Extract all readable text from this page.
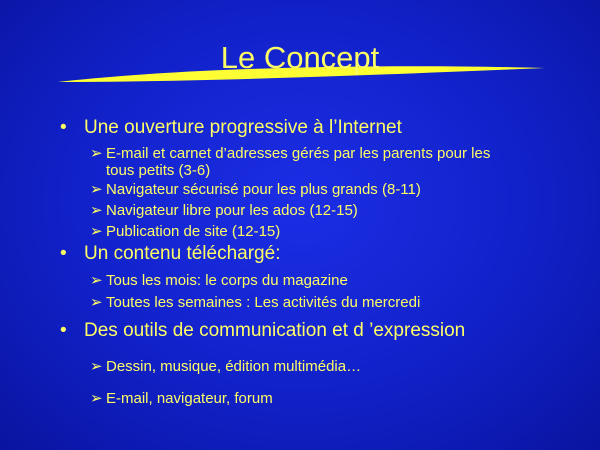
Le Concept
• Une ouverture progressive à l’Internet
➢ E-mail et carnet d’adresses gérés par les parents pour les
tous petits (3-6)
➢ Navigateur sécurisé pour les plus grands (8-11)
➢ Navigateur libre pour les ados (12-15)
➢ Publication de site (12-15)
• Un contenu téléchargé:
➢ Tous les mois: le corps du magazine
➢ Toutes les semaines : Les activités du mercredi
• Des outils de communication et d ’expression
➢ Dessin, musique, édition multimédia…
➢ E-mail, navigateur, forum
